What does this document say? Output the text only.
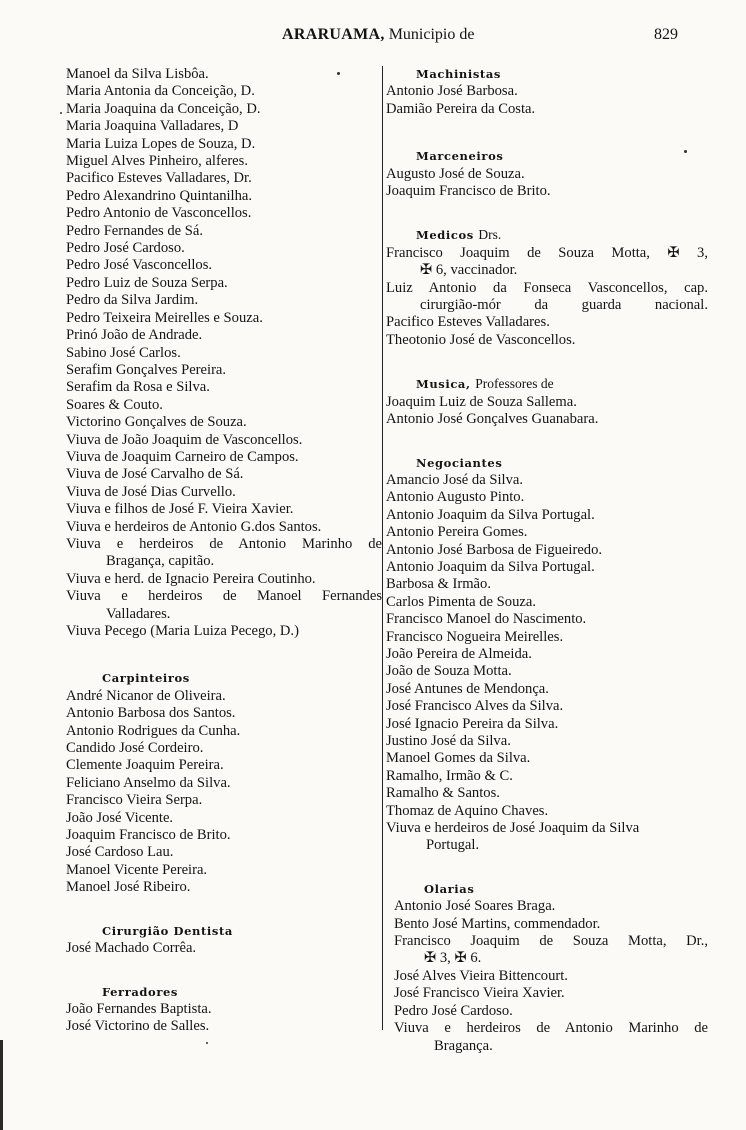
ARARUAMA, Municipio de	829
Manoel da Silva Lisbôa.
Maria Antonia da Conceição, D.
Maria Joaquina da Conceição, D.
Maria Joaquina Valladares, D
Maria Luiza Lopes de Souza, D.
Miguel Alves Pinheiro, alferes.
Pacifico Esteves Valladares, Dr.
Pedro Alexandrino Quintanilha.
Pedro Antonio de Vasconcellos.
Pedro Fernandes de Sá.
Pedro José Cardoso.
Pedro José Vasconcellos.
Pedro Luiz de Souza Serpa.
Pedro da Silva Jardim.
Pedro Teixeira Meirelles e Souza.
Prinó João de Andrade.
Sabino José Carlos.
Serafim Gonçalves Pereira.
Serafim da Rosa e Silva.
Soares & Couto.
Victorino Gonçalves de Souza.
Viuva de João Joaquim de Vasconcellos.
Viuva de Joaquim Carneiro de Campos.
Viuva de José Carvalho de Sá.
Viuva de José Dias Curvello.
Viuva e filhos de José F. Vieira Xavier.
Viuva e herdeiros de Antonio G.dos Santos.
Viuva e herdeiros de Antonio Marinho de
Bragança, capitão.
Viuva e herd. de Ignacio Pereira Coutinho.
Viuva e herdeiros de Manoel Fernandes
Valladares.
Viuva Pecego (Maria Luiza Pecego, D.)
Carpinteiros
André Nicanor de Oliveira.
Antonio Barbosa dos Santos.
Antonio Rodrigues da Cunha.
Candido José Cordeiro.
Clemente Joaquim Pereira.
Feliciano Anselmo da Silva.
Francisco Vieira Serpa.
João José Vicente.
Joaquim Francisco de Brito.
José Cardoso Lau.
Manoel Vicente Pereira.
Manoel José Ribeiro.
Cirurgião Dentista
José Machado Corrêa.
Ferradores
João Fernandes Baptista.
José Victorino de Salles.
Machinistas
Antonio José Barbosa.
Damião Pereira da Costa.
Marceneiros
Augusto José de Souza.
Joaquim Francisco de Brito.
Medicos Drs.
Francisco Joaquim de Souza Motta, ✠ 3,
✠ 6, vaccinador.
Luiz Antonio da Fonseca Vasconcellos, cap.
cirurgião-mór da guarda nacional.
Pacifico Esteves Valladares.
Theotonio José de Vasconcellos.
Musica, Professores de
Joaquim Luiz de Souza Sallema.
Antonio José Gonçalves Guanabara.
Negociantes
Amancio José da Silva.
Antonio Augusto Pinto.
Antonio Joaquim da Silva Portugal.
Antonio Pereira Gomes.
Antonio José Barbosa de Figueiredo.
Antonio Joaquim da Silva Portugal.
Barbosa & Irmão.
Carlos Pimenta de Souza.
Francisco Manoel do Nascimento.
Francisco Nogueira Meirelles.
João Pereira de Almeida.
João de Souza Motta.
José Antunes de Mendonça.
José Francisco Alves da Silva.
José Ignacio Pereira da Silva.
Justino José da Silva.
Manoel Gomes da Silva.
Ramalho, Irmão & C.
Ramalho & Santos.
Thomaz de Aquino Chaves.
Viuva e herdeiros de José Joaquim da Silva
Portugal.
Olarias
Antonio José Soares Braga.
Bento José Martins, commendador.
Francisco Joaquim de Souza Motta, Dr.,
✠ 3, ✠ 6.
José Alves Vieira Bittencourt.
José Francisco Vieira Xavier.
Pedro José Cardoso.
Viuva e herdeiros de Antonio Marinho de
Bragança.
